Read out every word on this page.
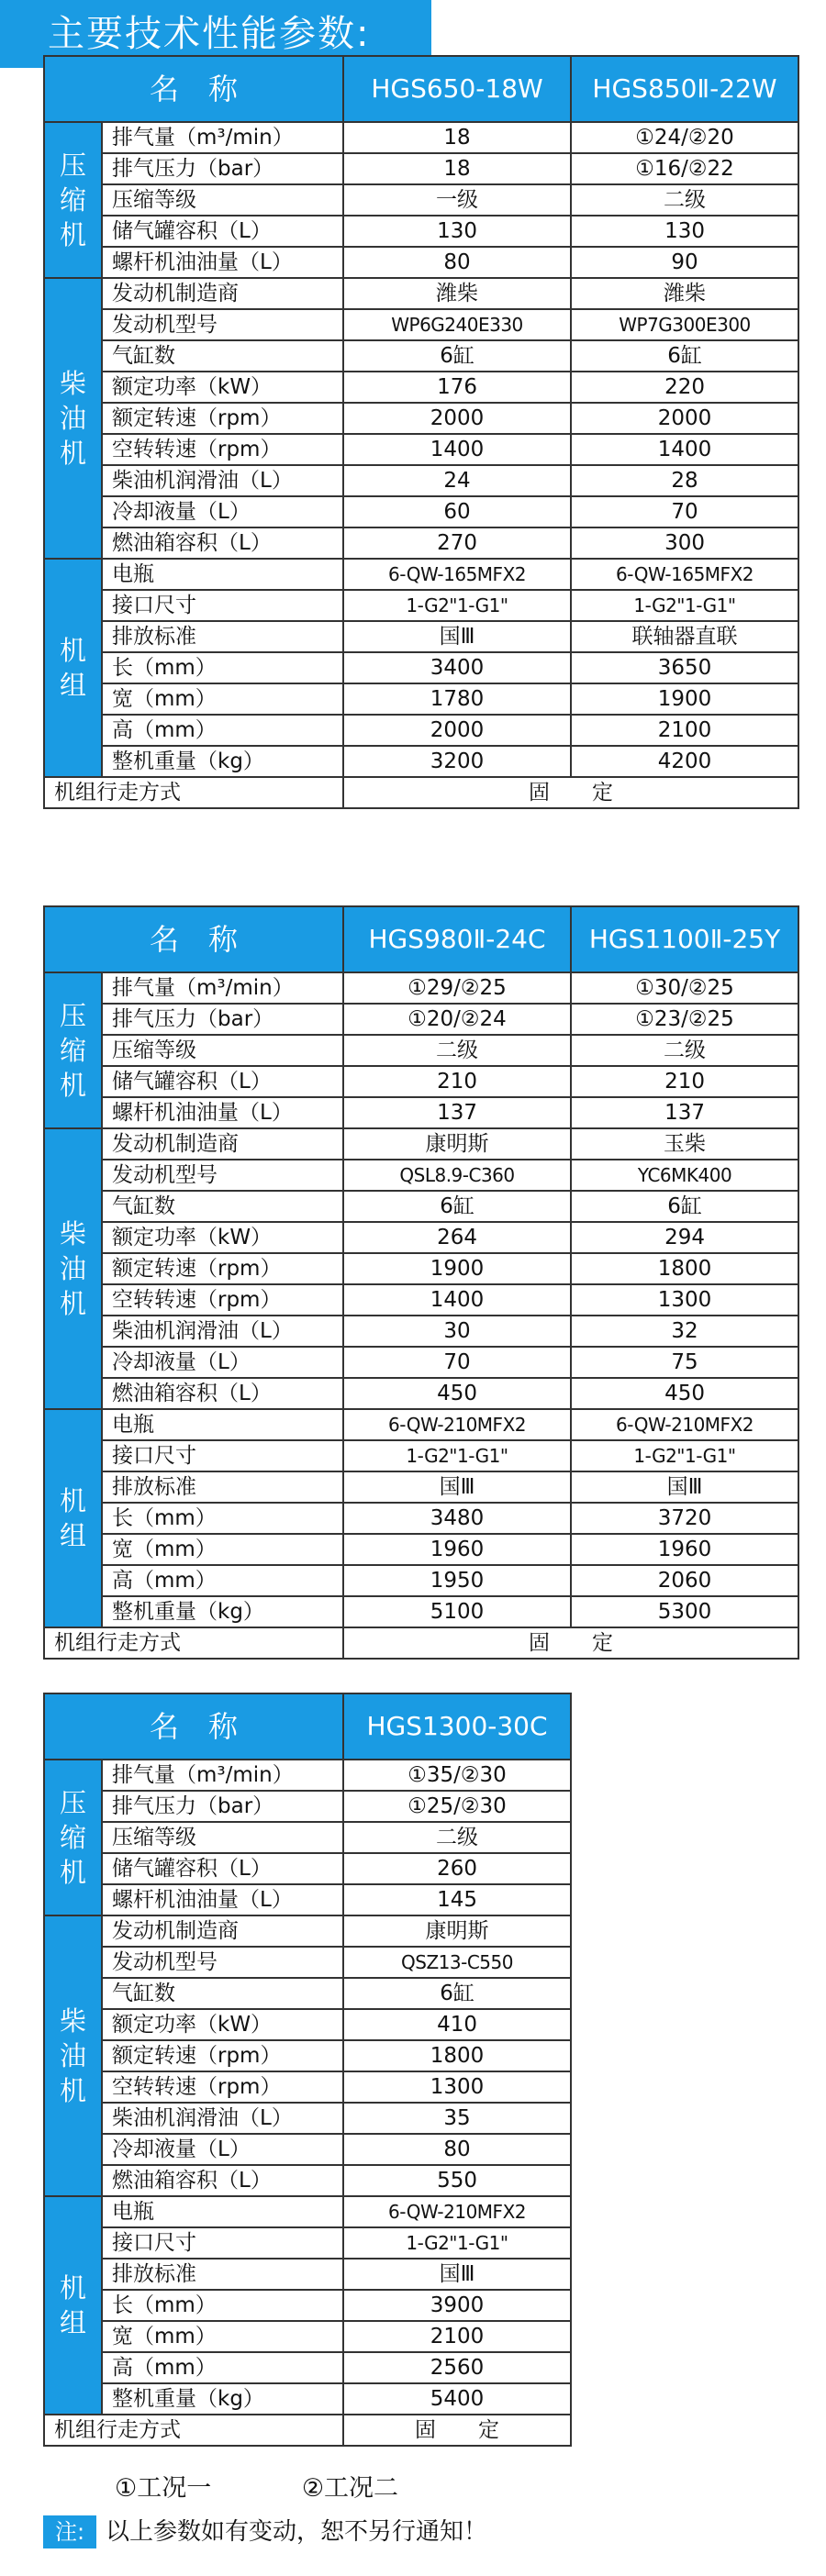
主要技术性能参数:
名　称		HGS650-18W	HGS850Ⅱ-22W
压缩机	排气量（m³/min）	18	①24/②20
	排气压力（bar）	18	①16/②22
	压缩等级	一级	二级
	储气罐容积（L）	130	130
	螺杆机油油量（L）	80	90
柴油机	发动机制造商	潍柴	潍柴
	发动机型号	WP6G240E330	WP7G300E300
	气缸数	6缸	6缸
	额定功率（kW）	176	220
	额定转速（rpm）	2000	2000
	空转转速（rpm）	1400	1400
	柴油机润滑油（L）	24	28
	冷却液量（L）	60	70
	燃油箱容积（L）	270	300
机组	电瓶	6-QW-165MFX2	6-QW-165MFX2
	接口尺寸	1-G2"1-G1"	1-G2"1-G1"
	排放标准	国Ⅲ	联轴器直联
	长（mm）	3400	3650
	宽（mm）	1780	1900
	高（mm）	2000	2100
	整机重量（kg）	3200	4200
机组行走方式		固　　定	
名　称		HGS980Ⅱ-24C	HGS1100Ⅱ-25Y
压缩机	排气量（m³/min）	①29/②25	①30/②25
	排气压力（bar）	①20/②24	①23/②25
	压缩等级	二级	二级
	储气罐容积（L）	210	210
	螺杆机油油量（L）	137	137
柴油机	发动机制造商	康明斯	玉柴
	发动机型号	QSL8.9-C360	YC6MK400
	气缸数	6缸	6缸
	额定功率（kW）	264	294
	额定转速（rpm）	1900	1800
	空转转速（rpm）	1400	1300
	柴油机润滑油（L）	30	32
	冷却液量（L）	70	75
	燃油箱容积（L）	450	450
机组	电瓶	6-QW-210MFX2	6-QW-210MFX2
	接口尺寸	1-G2"1-G1"	1-G2"1-G1"
	排放标准	国Ⅲ	国Ⅲ
	长（mm）	3480	3720
	宽（mm）	1960	1960
	高（mm）	1950	2060
	整机重量（kg）	5100	5300
机组行走方式		固　　定	
名　称		HGS1300-30C
压缩机	排气量（m³/min）	①35/②30
	排气压力（bar）	①25/②30
	压缩等级	二级
	储气罐容积（L）	260
	螺杆机油油量（L）	145
柴油机	发动机制造商	康明斯
	发动机型号	QSZ13-C550
	气缸数	6缸
	额定功率（kW）	410
	额定转速（rpm）	1800
	空转转速（rpm）	1300
	柴油机润滑油（L）	35
	冷却液量（L）	80
	燃油箱容积（L）	550
机组	电瓶	6-QW-210MFX2
	接口尺寸	1-G2"1-G1"
	排放标准	国Ⅲ
	长（mm）	3900
	宽（mm）	2100
	高（mm）	2560
	整机重量（kg）	5400
机组行走方式		固　　定
①工况一	②工况二
注: 以上参数如有变动，恕不另行通知！
